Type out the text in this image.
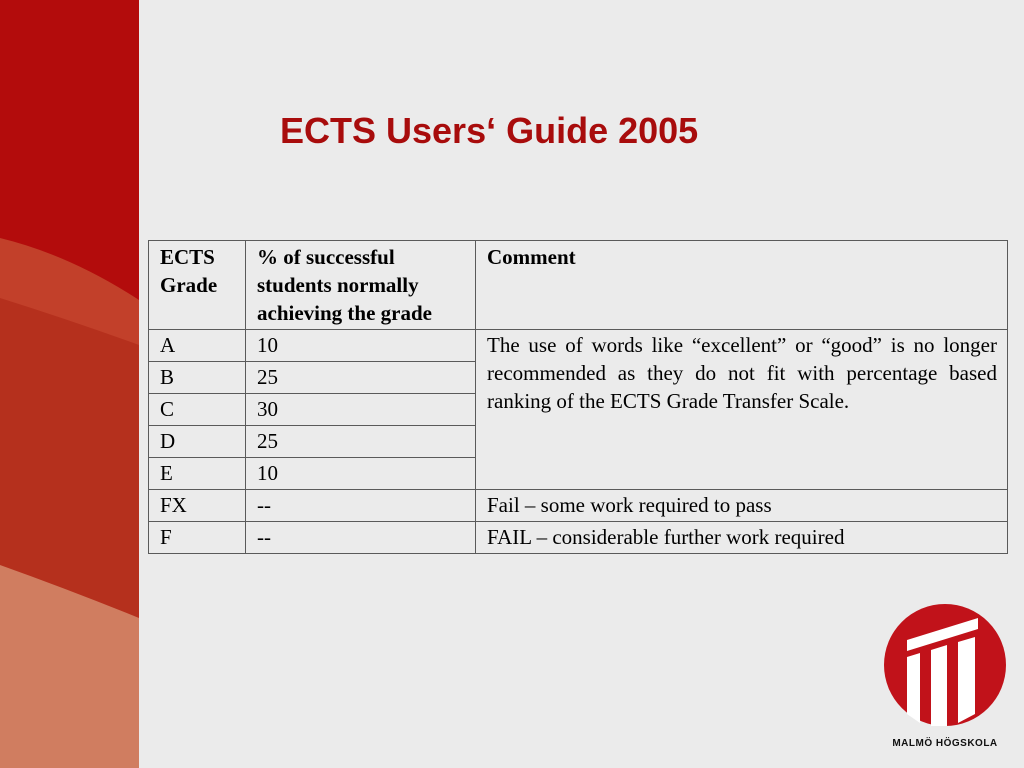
ECTS Users‘ Guide 2005
ECTS Grade	% of successful students normally achieving the grade	Comment
A	10	The use of words like “excellent” or “good” is no longer recommended as they do not fit with percentage based ranking of the ECTS Grade Transfer Scale.
B	25	
C	30	
D	25	
E	10	
FX	--	Fail – some work required to pass
F	--	FAIL – considerable further work required
MALMÖ HÖGSKOLA
